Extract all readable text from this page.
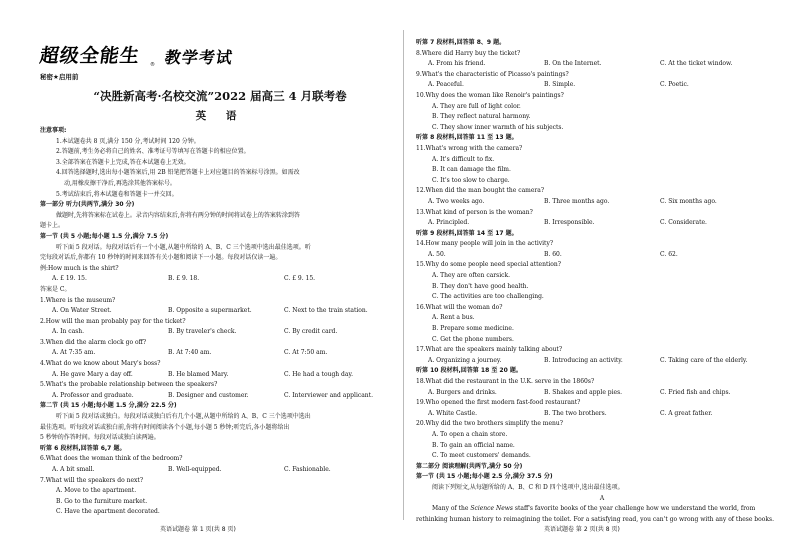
超级全能生 ® 教学考试
秘密★启用前
“决胜新高考·名校交流”2022 届高三 4 月联考卷
英 语
注意事项:
1.本试题卷共 8 页,满分 150 分,考试时间 120 分钟。
2.答题前,考生务必将自己的姓名、准考证号等填写在答题卡的相应位置。
3.全部答案在答题卡上完成,答在本试题卷上无效。
4.回答选择题时,选出每小题答案后,用 2B 铅笔把答题卡上对应题目的答案标号涂黑。如需改
动,用橡皮擦干净后,再选涂其他答案标号。
5.考试结束后,将本试题卷和答题卡一并交回。
第一部分 听力(共两节,满分 30 分)
做题时,先将答案标在试卷上。录音内容结束后,你将有两分钟的时间将试卷上的答案转涂到答
题卡上。
第一节 (共 5 小题;每小题 1.5 分,满分 7.5 分)
听下面 5 段对话。每段对话后有一个小题,从题中所给的 A、B、C 三个选项中选出最佳选项。听
完每段对话后,你都有 10 秒钟的时间来回答有关小题和阅读下一小题。每段对话仅读一遍。
例:How much is the shirt?
A. £ 19. 15.	B. £ 9. 18.	C. £ 9. 15.
答案是 C。
1.Where is the museum?
A. On Water Street.	B. Opposite a supermarket.	C. Next to the train station.
2.How will the man probably pay for the ticket?
A. In cash.	B. By traveler's check.	C. By credit card.
3.When did the alarm clock go off?
A. At 7:35 am.	B. At 7:40 am.	C. At 7:50 am.
4.What do we know about Mary's boss?
A. He gave Mary a day off.	B. He blamed Mary.	C. He had a tough day.
5.What's the probable relationship between the speakers?
A. Professor and graduate.	B. Designer and customer.	C. Interviewer and applicant.
第二节 (共 15 小题;每小题 1.5 分,满分 22.5 分)
听下面 5 段对话或独白。每段对话或独白后有几个小题,从题中所给的 A、B、C 三个选项中选出
最佳选项。听每段对话或独白前,你将有时间阅读各个小题,每小题 5 秒钟;听完后,各小题将给出
5 秒钟的作答时间。每段对话或独白读两遍。
听第 6 段材料,回答第 6,7 题。
6.What does the woman think of the bedroom?
A. A bit small.	B. Well-equipped.	C. Fashionable.
7.What will the speakers do next?
A. Move to the apartment.
B. Go to the furniture market.
C. Have the apartment decorated.
英语试题卷 第 1 页(共 8 页)
听第 7 段材料,回答第 8、9 题。
8.Where did Harry buy the ticket?
A. From his friend.	B. On the Internet.	C. At the ticket window.
9.What's the characteristic of Picasso's paintings?
A. Peaceful.	B. Simple.	C. Poetic.
10.Why does the woman like Renoir's paintings?
A. They are full of light color.
B. They reflect natural harmony.
C. They show inner warmth of his subjects.
听第 8 段材料,回答第 11 至 13 题。
11.What's wrong with the camera?
A. It's difficult to fix.
B. It can damage the film.
C. It's too slow to charge.
12.When did the man bought the camera?
A. Two weeks ago.	B. Three months ago.	C. Six months ago.
13.What kind of person is the woman?
A. Principled.	B. Irresponsible.	C. Considerate.
听第 9 段材料,回答第 14 至 17 题。
14.How many people will join in the activity?
A. 50.	B. 60.	C. 62.
15.Why do some people need special attention?
A. They are often carsick.
B. They don't have good health.
C. The activities are too challenging.
16.What will the woman do?
A. Rent a bus.
B. Prepare some medicine.
C. Get the phone numbers.
17.What are the speakers mainly talking about?
A. Organizing a journey.	B. Introducing an activity.	C. Taking care of the elderly.
听第 10 段材料,回答第 18 至 20 题。
18.What did the restaurant in the U.K. serve in the 1860s?
A. Burgers and drinks.	B. Shakes and apple pies.	C. Fried fish and chips.
19.Who opened the first modern fast-food restaurant?
A. White Castle.	B. The two brothers.	C. A great father.
20.Why did the two brothers simplify the menu?
A. To open a chain store.
B. To gain an official name.
C. To meet customers' demands.
第二部分 阅读理解(共两节,满分 50 分)
第一节 (共 15 小题;每小题 2.5 分,满分 37.5 分)
阅读下列短文,从每题所给的 A、B、C 和 D 四个选项中,选出最佳选项。
A
Many of the Science News staff's favorite books of the year challenge how we understand the world, from
rethinking human history to reimagining the toilet. For a satisfying read, you can't go wrong with any of these books.
英语试题卷 第 2 页(共 8 页)
